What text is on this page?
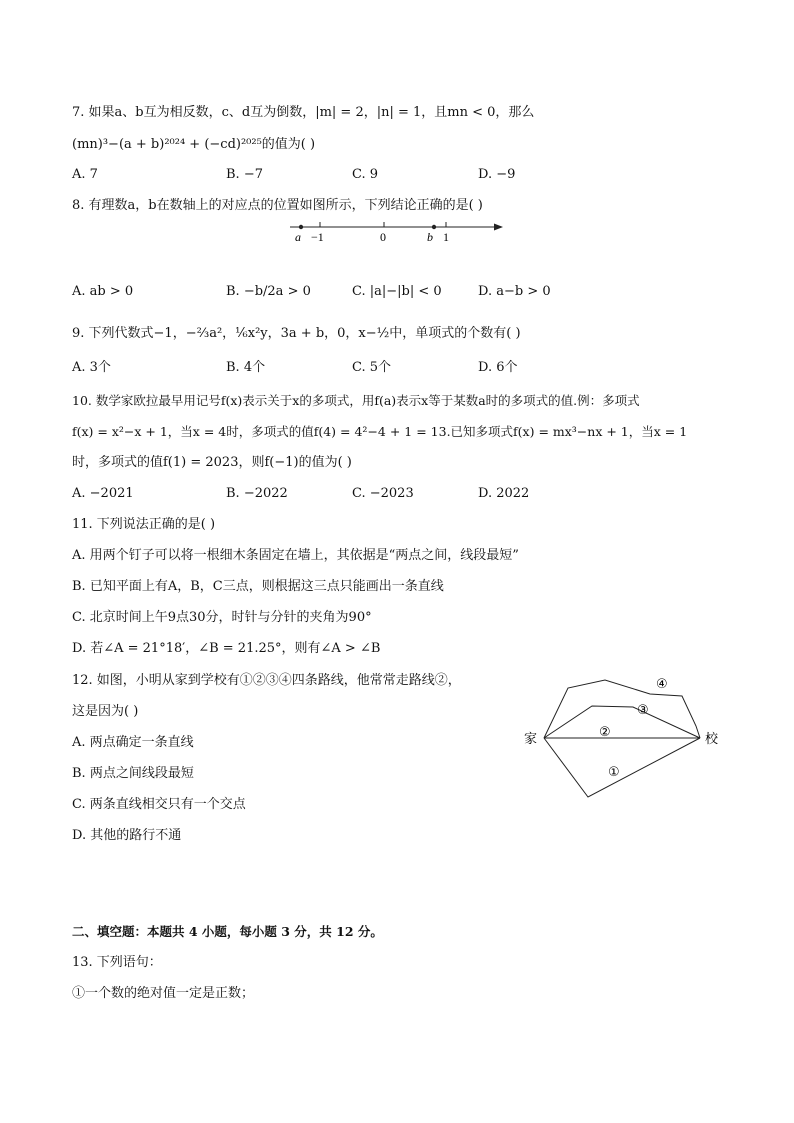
7. 如果a、b互为相反数，c、d互为倒数，|m| = 2，|n| = 1，且mn < 0，那么
(mn)³−(a + b)²⁰²⁴ + (−cd)²⁰²⁵的值为( )
A. 7	B. −7	C. 9	D. −9
8. 有理数a，b在数轴上的对应点的位置如图所示，下列结论正确的是( )
a −1	0	b 1
A. ab > 0	B. −b/2a > 0	C. |a|−|b| < 0	D. a−b > 0
9. 下列代数式−1，−⅔a²，⅙x²y，3a + b，0，x−½中，单项式的个数有( )
A. 3个	B. 4个	C. 5个	D. 6个
10. 数学家欧拉最早用记号f(x)表示关于x的多项式，用f(a)表示x等于某数a时的多项式的值.例：多项式
f(x) = x²−x + 1，当x = 4时，多项式的值f(4) = 4²−4 + 1 = 13.已知多项式f(x) = mx³−nx + 1，当x = 1
时，多项式的值f(1) = 2023，则f(−1)的值为( )
A. −2021	B. −2022	C. −2023	D. 2022
11. 下列说法正确的是( )
A. 用两个钉子可以将一根细木条固定在墙上，其依据是“两点之间，线段最短”
B. 已知平面上有A，B，C三点，则根据这三点只能画出一条直线
C. 北京时间上午9点30分，时针与分针的夹角为90°
D. 若∠A = 21°18′，∠B = 21.25°，则有∠A > ∠B
12. 如图，小明从家到学校有①②③④四条路线，他常常走路线②，
这是因为( )
A. 两点确定一条直线
B. 两点之间线段最短
C. 两条直线相交只有一个交点
D. 其他的路行不通
家	校
①
②
③
④
二、填空题：本题共 4 小题，每小题 3 分，共 12 分。
13. 下列语句：
①一个数的绝对值一定是正数；
